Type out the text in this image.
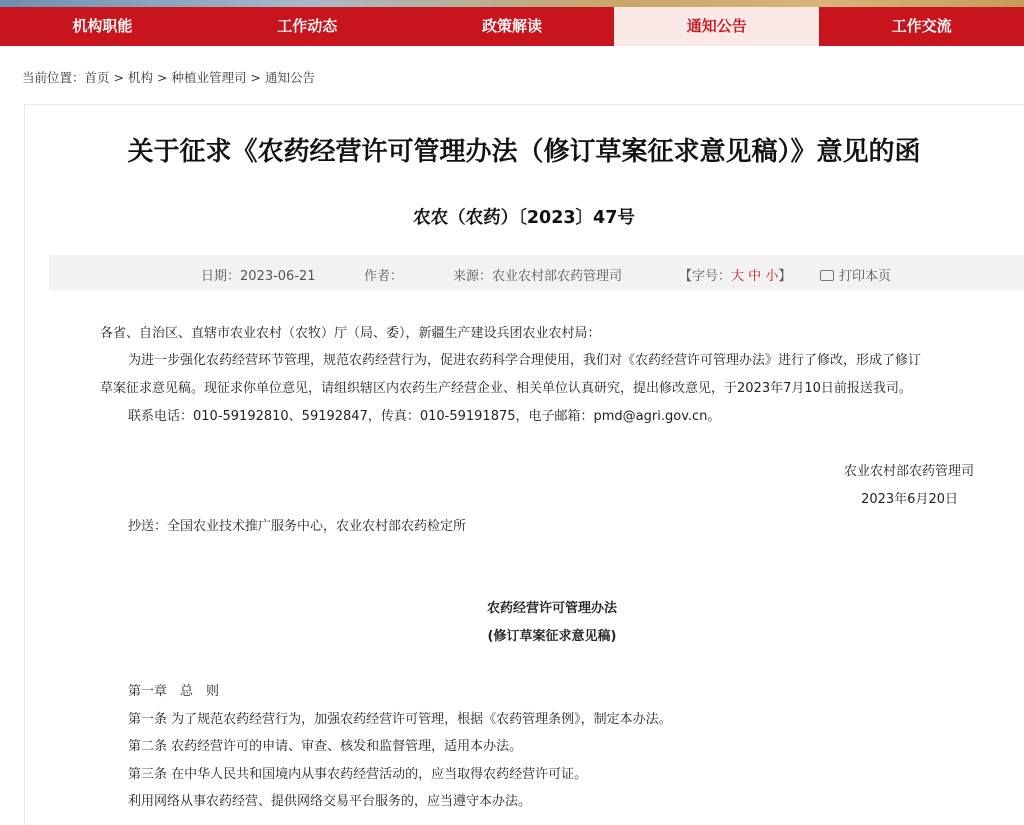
机构职能	工作动态	政策解读	通知公告	工作交流
当前位置：首页 > 机构 > 种植业管理司 > 通知公告
关于征求《农药经营许可管理办法（修订草案征求意见稿）》意见的函
农农（农药）〔2023〕47号
日期：2023-06-21	作者：	来源：农业农村部农药管理司	【字号：大 中 小】	打印本页
各省、自治区、直辖市农业农村（农牧）厅（局、委），新疆生产建设兵团农业农村局：
为进一步强化农药经营环节管理，规范农药经营行为，促进农药科学合理使用，我们对《农药经营许可管理办法》进行了修改，形成了修订
草案征求意见稿。现征求你单位意见，请组织辖区内农药生产经营企业、相关单位认真研究，提出修改意见，于2023年7月10日前报送我司。
联系电话：010-59192810、59192847，传真：010-59191875，电子邮箱：pmd@agri.gov.cn。
农业农村部农药管理司
2023年6月20日
抄送：全国农业技术推广服务中心，农业农村部农药检定所
农药经营许可管理办法
(修订草案征求意见稿)
第一章　总　则
第一条 为了规范农药经营行为，加强农药经营许可管理，根据《农药管理条例》，制定本办法。
第二条 农药经营许可的申请、审查、核发和监督管理，适用本办法。
第三条 在中华人民共和国境内从事农药经营活动的，应当取得农药经营许可证。
利用网络从事农药经营、提供网络交易平台服务的，应当遵守本办法。
